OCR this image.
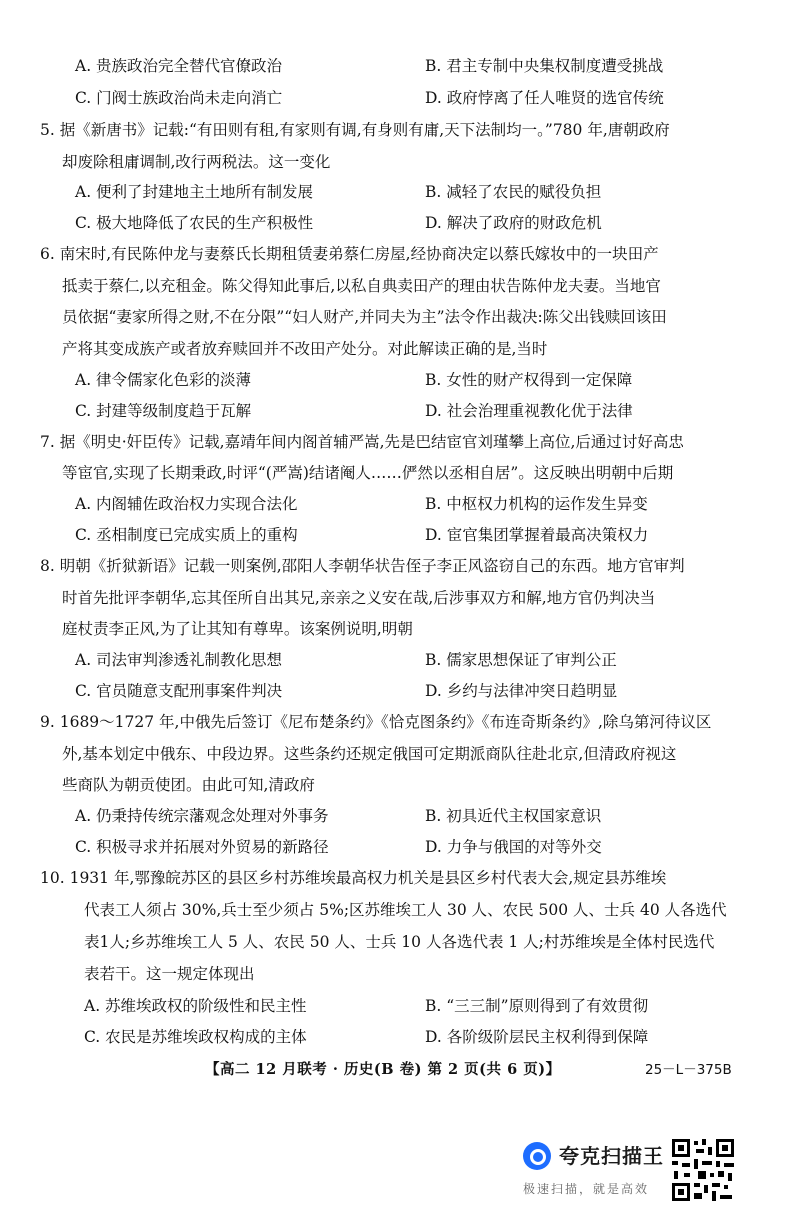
A. 贵族政治完全替代官僚政治	B. 君主专制中央集权制度遭受挑战
C. 门阀士族政治尚未走向消亡	D. 政府悖离了任人唯贤的选官传统
5. 据《新唐书》记载:“有田则有租,有家则有调,有身则有庸,天下法制均一。”780 年,唐朝政府
却废除租庸调制,改行两税法。这一变化
A. 便利了封建地主土地所有制发展	B. 减轻了农民的赋役负担
C. 极大地降低了农民的生产积极性	D. 解决了政府的财政危机
6. 南宋时,有民陈仲龙与妻蔡氏长期租赁妻弟蔡仁房屋,经协商决定以蔡氏嫁妆中的一块田产
抵卖于蔡仁,以充租金。陈父得知此事后,以私自典卖田产的理由状告陈仲龙夫妻。当地官
员依据“妻家所得之财,不在分限”“妇人财产,并同夫为主”法令作出裁决:陈父出钱赎回该田
产将其变成族产或者放弃赎回并不改田产处分。对此解读正确的是,当时
A. 律令儒家化色彩的淡薄	B. 女性的财产权得到一定保障
C. 封建等级制度趋于瓦解	D. 社会治理重视教化优于法律
7. 据《明史·奸臣传》记载,嘉靖年间内阁首辅严嵩,先是巴结宦官刘瑾攀上高位,后通过讨好高忠
等宦官,实现了长期秉政,时评“(严嵩)结诸阉人……俨然以丞相自居”。这反映出明朝中后期
A. 内阁辅佐政治权力实现合法化	B. 中枢权力机构的运作发生异变
C. 丞相制度已完成实质上的重构	D. 宦官集团掌握着最高决策权力
8. 明朝《折狱新语》记载一则案例,邵阳人李朝华状告侄子李正风盗窃自己的东西。地方官审判
时首先批评李朝华,忘其侄所自出其兄,亲亲之义安在哉,后涉事双方和解,地方官仍判决当
庭杖责李正风,为了让其知有尊卑。该案例说明,明朝
A. 司法审判渗透礼制教化思想	B. 儒家思想保证了审判公正
C. 官员随意支配刑事案件判决	D. 乡约与法律冲突日趋明显
9. 1689～1727 年,中俄先后签订《尼布楚条约》《恰克图条约》《布连奇斯条约》,除乌第河待议区
外,基本划定中俄东、中段边界。这些条约还规定俄国可定期派商队往赴北京,但清政府视这
些商队为朝贡使团。由此可知,清政府
A. 仍秉持传统宗藩观念处理对外事务	B. 初具近代主权国家意识
C. 积极寻求并拓展对外贸易的新路径	D. 力争与俄国的对等外交
10. 1931 年,鄂豫皖苏区的县区乡村苏维埃最高权力机关是县区乡村代表大会,规定县苏维埃
代表工人须占 30%,兵士至少须占 5%;区苏维埃工人 30 人、农民 500 人、士兵 40 人各选代
表1人;乡苏维埃工人 5 人、农民 50 人、士兵 10 人各选代表 1 人;村苏维埃是全体村民选代
表若干。这一规定体现出
A. 苏维埃政权的阶级性和民主性	B. “三三制”原则得到了有效贯彻
C. 农民是苏维埃政权构成的主体	D. 各阶级阶层民主权利得到保障
【高二 12 月联考 · 历史(B 卷) 第 2 页(共 6 页)】	25－L－375B
夸克扫描王
极速扫描，就是高效
